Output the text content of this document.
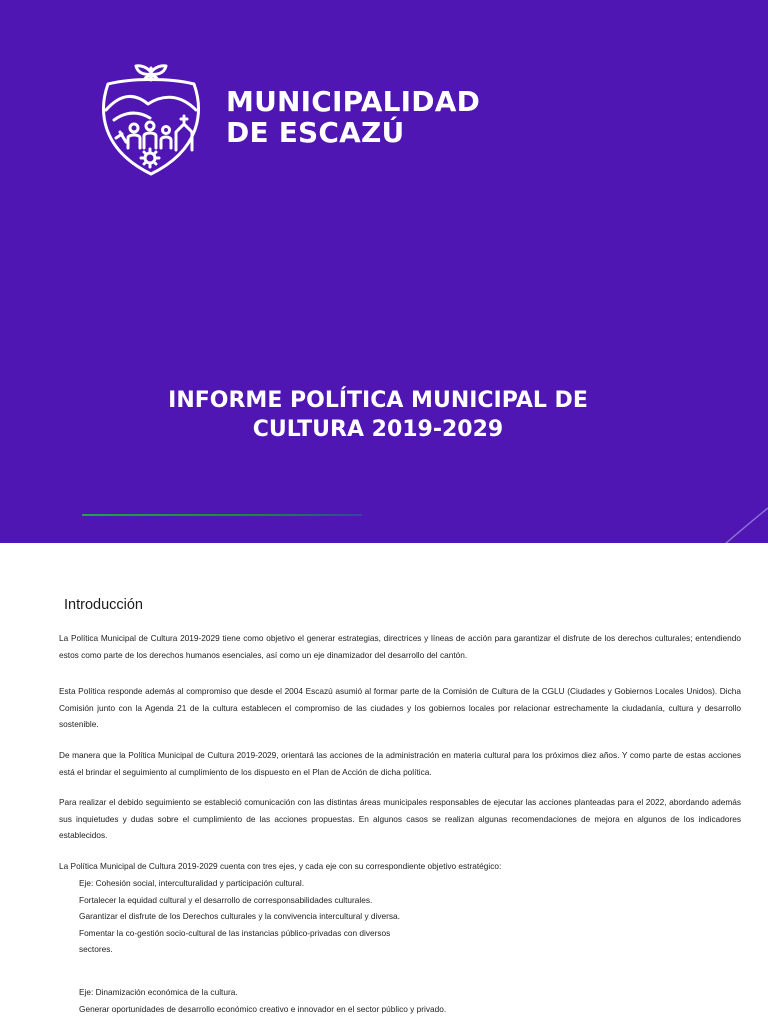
MUNICIPALIDAD
DE ESCAZÚ
INFORME POLÍTICA MUNICIPAL DE
CULTURA 2019-2029
Introducción
La Política Municipal de Cultura 2019-2029 tiene como objetivo el generar estrategias, directrices y líneas de acción para garantizar el disfrute de los derechos culturales; entendiendo estos como parte de los derechos humanos esenciales, así como un eje dinamizador del desarrollo del cantón.
Esta Política responde además al compromiso que desde el 2004 Escazú asumió al formar parte de la Comisión de Cultura de la CGLU (Ciudades y Gobiernos Locales Unidos). Dicha Comisión junto con la Agenda 21 de la cultura establecen el compromiso de las ciudades y los gobiernos locales por relacionar estrechamente la ciudadanía, cultura y desarrollo sostenible.
De manera que la Política Municipal de Cultura 2019-2029, orientará las acciones de la administración en materia cultural para los próximos diez años. Y como parte de estas acciones está el brindar el seguimiento al cumplimiento de los dispuesto en el Plan de Acción de dicha política.
Para realizar el debido seguimiento se estableció comunicación con las distintas áreas municipales responsables de ejecutar las acciones planteadas para el 2022, abordando además sus inquietudes y dudas sobre el cumplimiento de las acciones propuestas. En algunos casos se realizan algunas recomendaciones de mejora en algunos de los indicadores establecidos.
La Política Municipal de Cultura 2019-2029 cuenta con tres ejes, y cada eje con su correspondiente objetivo estratégico:
Eje: Cohesión social, interculturalidad y participación cultural.
Fortalecer la equidad cultural y el desarrollo de corresponsabilidades culturales.
Garantizar el disfrute de los Derechos culturales y la convivencia intercultural y diversa.
Fomentar la co-gestión socio-cultural de las instancias público-privadas con diversos
sectores.
Eje: Dinamización económica de la cultura.
Generar oportunidades de desarrollo económico creativo e innovador en el sector público y privado.
